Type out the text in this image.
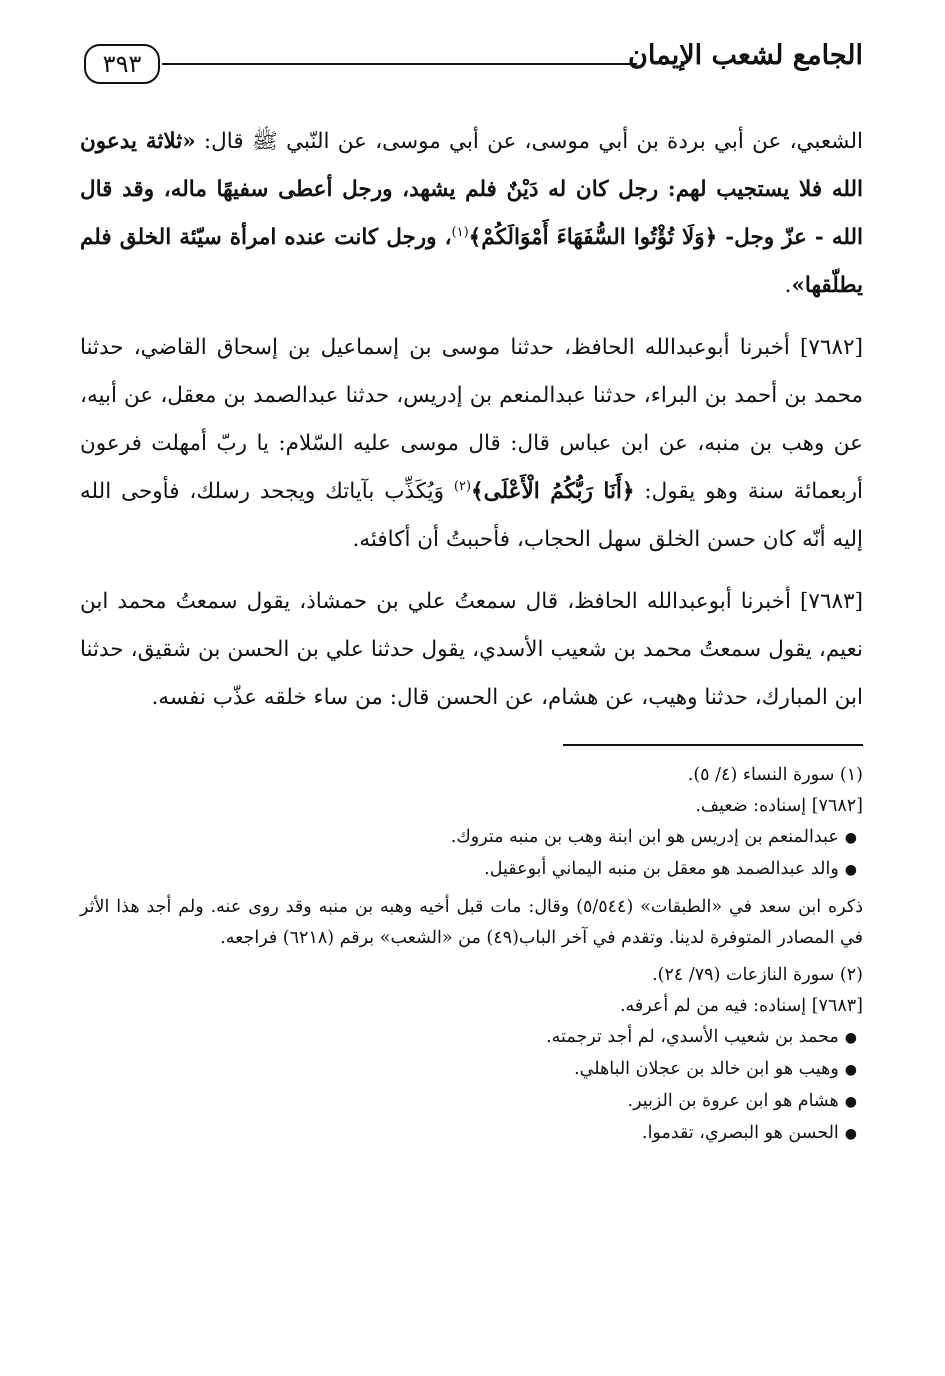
الجامع لشعب الإيمان
٣٩٣

الشعبي، عن أبي بردة بن أبي موسى، عن أبي موسى، عن النّبي ﷺ قال: «ثلاثة يدعون الله فلا يستجيب لهم: رجل كان له دَيْنٌ فلم يشهد، ورجل أعطى سفيهًا ماله، وقد قال الله - عزّ وجل- ﴿وَلَا تُؤْتُوا السُّفَهَاءَ أَمْوَالَكُمْ﴾$^{(١)}$، ورجل كانت عنده امرأة سيّئة الخلق فلم يطلّقها».

[٧٦٨٢] أخبرنا أبوعبدالله الحافظ، حدثنا موسى بن إسماعيل بن إسحاق القاضي، حدثنا محمد بن أحمد بن البراء، حدثنا عبدالمنعم بن إدريس، حدثنا عبدالصمد بن معقل، عن أبيه، عن وهب بن منبه، عن ابن عباس قال: قال موسى عليه السّلام: يا ربّ أمهلت فرعون أربعمائة سنة وهو يقول: ﴿أَنَا رَبُّكُمُ الْأَعْلَى﴾$^{(٢)}$ وَيُكَذِّب بآياتك ويجحد رسلك، فأوحى الله إليه أنّه كان حسن الخلق سهل الحجاب، فأحببتُ أن أكافئه.

[٧٦٨٣] أخبرنا أبوعبدالله الحافظ، قال سمعتُ علي بن حمشاذ، يقول سمعتُ محمد ابن نعيم، يقول سمعتُ محمد بن شعيب الأسدي، يقول حدثنا علي بن الحسن بن شقيق، حدثنا ابن المبارك، حدثنا وهيب، عن هشام، عن الحسن قال: من ساء خلقه عذّب نفسه.

(١) سورة النساء (٤/ ٥).

[٧٦٨٢] إسناده: ضعيف.

●عبدالمنعم بن إدريس هو ابن ابنة وهب بن منبه متروك.
●والد عبدالصمد هو معقل بن منبه اليماني أبوعقيل.

ذكره ابن سعد في «الطبقات» (٥/٥٤٤) وقال: مات قبل أخيه وهبه بن منبه وقد روى عنه. ولم أجد هذا الأثر في المصادر المتوفرة لدينا. وتقدم في آخر الباب(٤٩) من «الشعب» برقم (٦٢١٨) فراجعه.

(٢) سورة النازعات (٧٩/ ٢٤).

[٧٦٨٣] إسناده: فيه من لم أعرفه.

●محمد بن شعيب الأسدي، لم أجد ترجمته.
●وهيب هو ابن خالد بن عجلان الباهلي.
●هشام هو ابن عروة بن الزبير.
●الحسن هو البصري، تقدموا.
